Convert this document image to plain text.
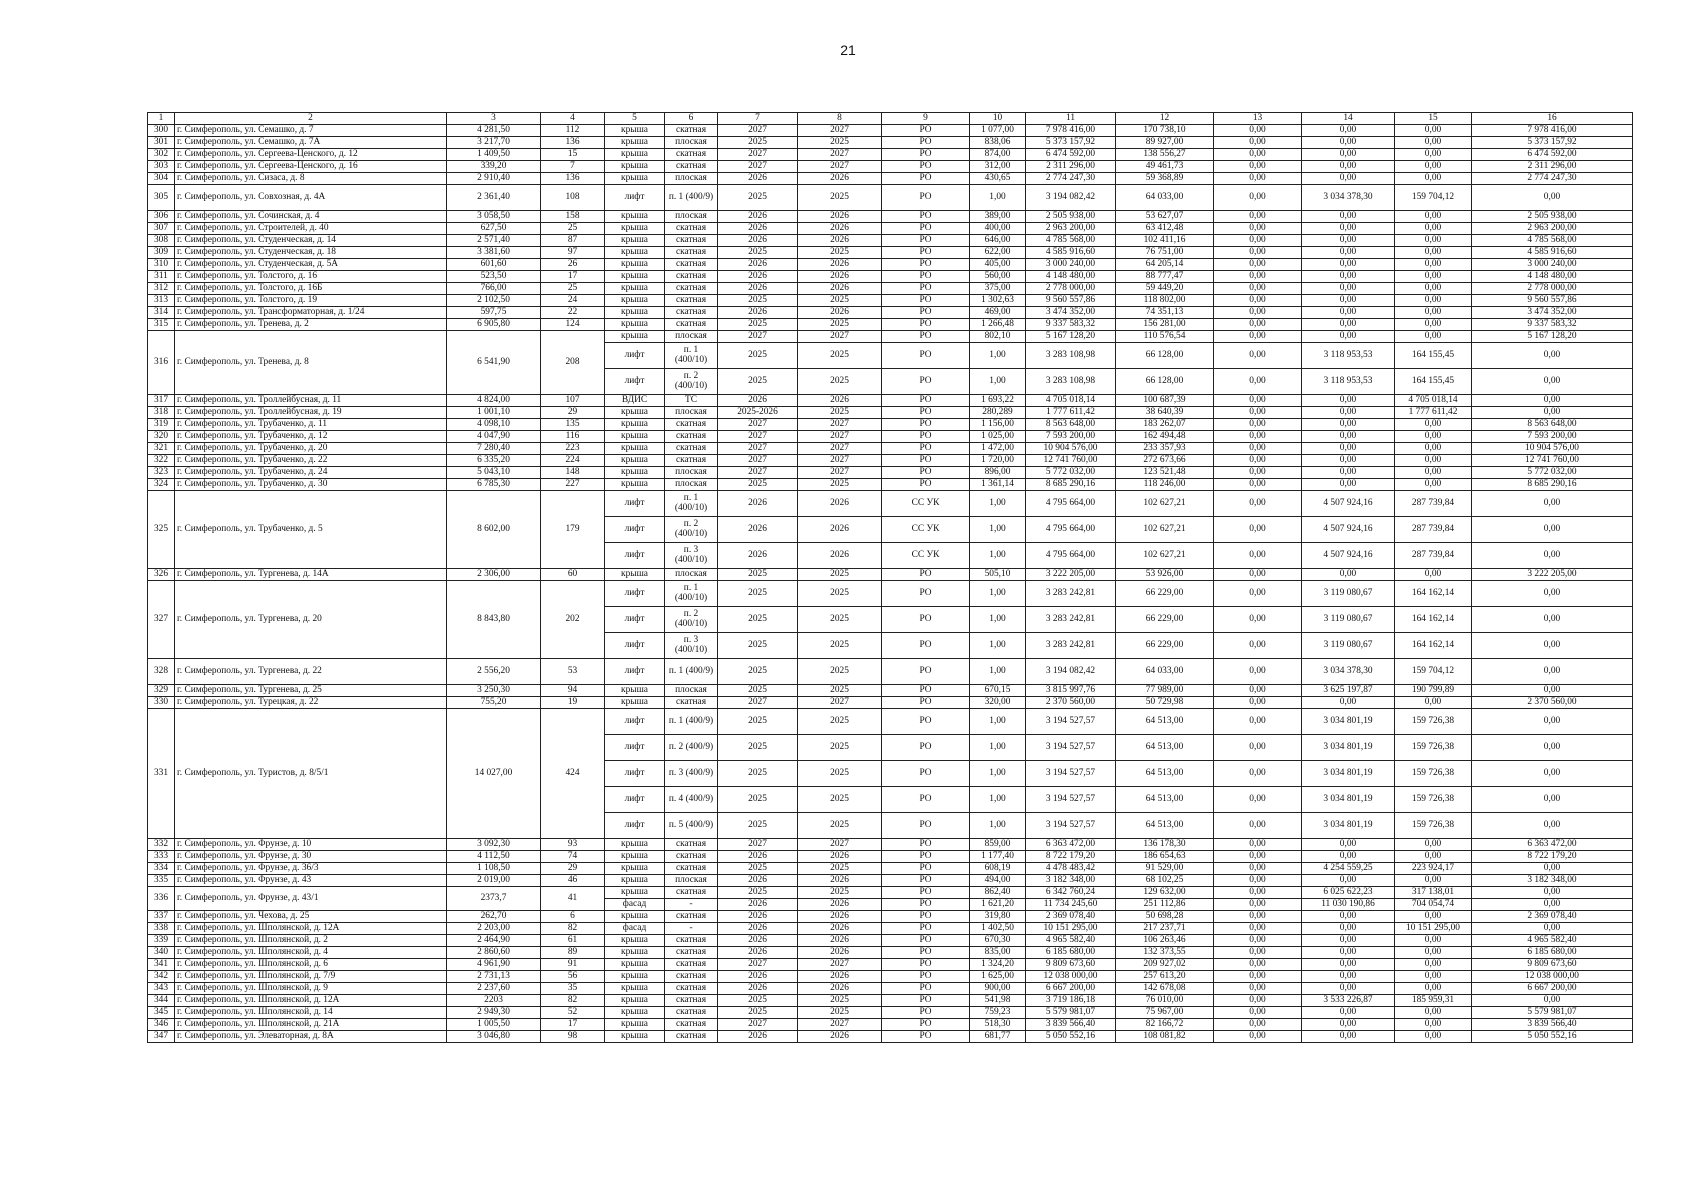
21
1	2	3	4	5	6	7	8	9	10	11	12	13	14	15	16
300	г. Симферополь, ул. Семашко, д. 7	4 281,50	112	крыша	скатная	2027	2027	РО	1 077,00	7 978 416,00	170 738,10	0,00	0,00	0,00	7 978 416,00
301	г. Симферополь, ул. Семашко, д. 7А	3 217,70	136	крыша	плоская	2025	2025	РО	838,06	5 373 157,92	89 927,00	0,00	0,00	0,00	5 373 157,92
302	г. Симферополь, ул. Сергеева-Ценского, д. 12	1 409,50	15	крыша	скатная	2027	2027	РО	874,00	6 474 592,00	138 556,27	0,00	0,00	0,00	6 474 592,00
303	г. Симферополь, ул. Сергеева-Ценского, д. 16	339,20	7	крыша	скатная	2027	2027	РО	312,00	2 311 296,00	49 461,73	0,00	0,00	0,00	2 311 296,00
304	г. Симферополь, ул. Сизаса, д. 8	2 910,40	136	крыша	плоская	2026	2026	РО	430,65	2 774 247,30	59 368,89	0,00	0,00	0,00	2 774 247,30
305	г. Симферополь, ул. Совхозная, д. 4А	2 361,40	108	лифт	п. 1 (400/9)	2025	2025	РО	1,00	3 194 082,42	64 033,00	0,00	3 034 378,30	159 704,12	0,00
306	г. Симферополь, ул. Сочинская, д. 4	3 058,50	158	крыша	плоская	2026	2026	РО	389,00	2 505 938,00	53 627,07	0,00	0,00	0,00	2 505 938,00
307	г. Симферополь, ул. Строителей, д. 40	627,50	25	крыша	скатная	2026	2026	РО	400,00	2 963 200,00	63 412,48	0,00	0,00	0,00	2 963 200,00
308	г. Симферополь, ул. Студенческая, д. 14	2 571,40	87	крыша	скатная	2026	2026	РО	646,00	4 785 568,00	102 411,16	0,00	0,00	0,00	4 785 568,00
309	г. Симферополь, ул. Студенческая, д. 18	3 381,60	97	крыша	скатная	2025	2025	РО	622,00	4 585 916,60	76 751,00	0,00	0,00	0,00	4 585 916,60
310	г. Симферополь, ул. Студенческая, д. 5А	601,60	26	крыша	скатная	2026	2026	РО	405,00	3 000 240,00	64 205,14	0,00	0,00	0,00	3 000 240,00
311	г. Симферополь, ул. Толстого, д. 16	523,50	17	крыша	скатная	2026	2026	РО	560,00	4 148 480,00	88 777,47	0,00	0,00	0,00	4 148 480,00
312	г. Симферополь, ул. Толстого, д. 16Б	766,00	25	крыша	скатная	2026	2026	РО	375,00	2 778 000,00	59 449,20	0,00	0,00	0,00	2 778 000,00
313	г. Симферополь, ул. Толстого, д. 19	2 102,50	24	крыша	скатная	2025	2025	РО	1 302,63	9 560 557,86	118 802,00	0,00	0,00	0,00	9 560 557,86
314	г. Симферополь, ул. Трансформаторная, д. 1/24	597,75	22	крыша	скатная	2026	2026	РО	469,00	3 474 352,00	74 351,13	0,00	0,00	0,00	3 474 352,00
315	г. Симферополь, ул. Тренева, д. 2	6 905,80	124	крыша	скатная	2025	2025	РО	1 266,48	9 337 583,32	156 281,00	0,00	0,00	0,00	9 337 583,32
316	г. Симферополь, ул. Тренева, д. 8	6 541,90	208	крыша	плоская	2027	2027	РО	802,10	5 167 128,20	110 576,54	0,00	0,00	0,00	5 167 128,20
				лифт	п. 1 (400/10)	2025	2025	РО	1,00	3 283 108,98	66 128,00	0,00	3 118 953,53	164 155,45	0,00
				лифт	п. 2 (400/10)	2025	2025	РО	1,00	3 283 108,98	66 128,00	0,00	3 118 953,53	164 155,45	0,00
317	г. Симферополь, ул. Троллейбусная, д. 11	4 824,00	107	ВДИС	ТС	2026	2026	РО	1 693,22	4 705 018,14	100 687,39	0,00	0,00	4 705 018,14	0,00
318	г. Симферополь, ул. Троллейбусная, д. 19	1 001,10	29	крыша	плоская	2025-2026	2025	РО	280,289	1 777 611,42	38 640,39	0,00	0,00	1 777 611,42	0,00
319	г. Симферополь, ул. Трубаченко, д. 11	4 098,10	135	крыша	скатная	2027	2027	РО	1 156,00	8 563 648,00	183 262,07	0,00	0,00	0,00	8 563 648,00
320	г. Симферополь, ул. Трубаченко, д. 12	4 047,90	116	крыша	скатная	2027	2027	РО	1 025,00	7 593 200,00	162 494,48	0,00	0,00	0,00	7 593 200,00
321	г. Симферополь, ул. Трубаченко, д. 20	7 280,40	223	крыша	скатная	2027	2027	РО	1 472,00	10 904 576,00	233 357,93	0,00	0,00	0,00	10 904 576,00
322	г. Симферополь, ул. Трубаченко, д. 22	6 335,20	224	крыша	скатная	2027	2027	РО	1 720,00	12 741 760,00	272 673,66	0,00	0,00	0,00	12 741 760,00
323	г. Симферополь, ул. Трубаченко, д. 24	5 043,10	148	крыша	плоская	2027	2027	РО	896,00	5 772 032,00	123 521,48	0,00	0,00	0,00	5 772 032,00
324	г. Симферополь, ул. Трубаченко, д. 30	6 785,30	227	крыша	плоская	2025	2025	РО	1 361,14	8 685 290,16	118 246,00	0,00	0,00	0,00	8 685 290,16
325	г. Симферополь, ул. Трубаченко, д. 5	8 602,00	179	лифт	п. 1 (400/10)	2026	2026	СС УК	1,00	4 795 664,00	102 627,21	0,00	4 507 924,16	287 739,84	0,00
				лифт	п. 2 (400/10)	2026	2026	СС УК	1,00	4 795 664,00	102 627,21	0,00	4 507 924,16	287 739,84	0,00
				лифт	п. 3 (400/10)	2026	2026	СС УК	1,00	4 795 664,00	102 627,21	0,00	4 507 924,16	287 739,84	0,00
326	г. Симферополь, ул. Тургенева, д. 14А	2 306,00	60	крыша	плоская	2025	2025	РО	505,10	3 222 205,00	53 926,00	0,00	0,00	0,00	3 222 205,00
327	г. Симферополь, ул. Тургенева, д. 20	8 843,80	202	лифт	п. 1 (400/10)	2025	2025	РО	1,00	3 283 242,81	66 229,00	0,00	3 119 080,67	164 162,14	0,00
				лифт	п. 2 (400/10)	2025	2025	РО	1,00	3 283 242,81	66 229,00	0,00	3 119 080,67	164 162,14	0,00
				лифт	п. 3 (400/10)	2025	2025	РО	1,00	3 283 242,81	66 229,00	0,00	3 119 080,67	164 162,14	0,00
328	г. Симферополь, ул. Тургенева, д. 22	2 556,20	53	лифт	п. 1 (400/9)	2025	2025	РО	1,00	3 194 082,42	64 033,00	0,00	3 034 378,30	159 704,12	0,00
329	г. Симферополь, ул. Тургенева, д. 25	3 250,30	94	крыша	плоская	2025	2025	РО	670,15	3 815 997,76	77 989,00	0,00	3 625 197,87	190 799,89	0,00
330	г. Симферополь, ул. Турецкая, д. 22	755,20	19	крыша	скатная	2027	2027	РО	320,00	2 370 560,00	50 729,98	0,00	0,00	0,00	2 370 560,00
331	г. Симферополь, ул. Туристов, д. 8/5/1	14 027,00	424	лифт	п. 1 (400/9)	2025	2025	РО	1,00	3 194 527,57	64 513,00	0,00	3 034 801,19	159 726,38	0,00
				лифт	п. 2 (400/9)	2025	2025	РО	1,00	3 194 527,57	64 513,00	0,00	3 034 801,19	159 726,38	0,00
				лифт	п. 3 (400/9)	2025	2025	РО	1,00	3 194 527,57	64 513,00	0,00	3 034 801,19	159 726,38	0,00
				лифт	п. 4 (400/9)	2025	2025	РО	1,00	3 194 527,57	64 513,00	0,00	3 034 801,19	159 726,38	0,00
				лифт	п. 5 (400/9)	2025	2025	РО	1,00	3 194 527,57	64 513,00	0,00	3 034 801,19	159 726,38	0,00
332	г. Симферополь, ул. Фрунзе, д. 10	3 092,30	93	крыша	скатная	2027	2027	РО	859,00	6 363 472,00	136 178,30	0,00	0,00	0,00	6 363 472,00
333	г. Симферополь, ул. Фрунзе, д. 30	4 112,50	74	крыша	скатная	2026	2026	РО	1 177,40	8 722 179,20	186 654,63	0,00	0,00	0,00	8 722 179,20
334	г. Симферополь, ул. Фрунзе, д. 36/3	1 108,50	29	крыша	скатная	2025	2025	РО	608,19	4 478 483,42	91 529,00	0,00	4 254 559,25	223 924,17	0,00
335	г. Симферополь, ул. Фрунзе, д. 43	2 019,00	46	крыша	плоская	2026	2026	РО	494,00	3 182 348,00	68 102,25	0,00	0,00	0,00	3 182 348,00
336	г. Симферополь, ул. Фрунзе, д. 43/1	2373,7	41	крыша	скатная	2025	2025	РО	862,40	6 342 760,24	129 632,00	0,00	6 025 622,23	317 138,01	0,00
				фасад	-	2026	2026	РО	1 621,20	11 734 245,60	251 112,86	0,00	11 030 190,86	704 054,74	0,00
337	г. Симферополь, ул. Чехова, д. 25	262,70	6	крыша	скатная	2026	2026	РО	319,80	2 369 078,40	50 698,28	0,00	0,00	0,00	2 369 078,40
338	г. Симферополь, ул. Шполянской, д. 12А	2 203,00	82	фасад	-	2026	2026	РО	1 402,50	10 151 295,00	217 237,71	0,00	0,00	10 151 295,00	0,00
339	г. Симферополь, ул. Шполянской, д. 2	2 464,90	61	крыша	скатная	2026	2026	РО	670,30	4 965 582,40	106 263,46	0,00	0,00	0,00	4 965 582,40
340	г. Симферополь, ул. Шполянской, д. 4	2 860,60	89	крыша	скатная	2026	2026	РО	835,00	6 185 680,00	132 373,55	0,00	0,00	0,00	6 185 680,00
341	г. Симферополь, ул. Шполянской, д. 6	4 961,90	91	крыша	скатная	2027	2027	РО	1 324,20	9 809 673,60	209 927,02	0,00	0,00	0,00	9 809 673,60
342	г. Симферополь, ул. Шполянской, д. 7/9	2 731,13	56	крыша	скатная	2026	2026	РО	1 625,00	12 038 000,00	257 613,20	0,00	0,00	0,00	12 038 000,00
343	г. Симферополь, ул. Шполянской, д. 9	2 237,60	35	крыша	скатная	2026	2026	РО	900,00	6 667 200,00	142 678,08	0,00	0,00	0,00	6 667 200,00
344	г. Симферополь, ул. Шполянской, д. 12А	2203	82	крыша	скатная	2025	2025	РО	541,98	3 719 186,18	76 010,00	0,00	3 533 226,87	185 959,31	0,00
345	г. Симферополь, ул. Шполянской, д. 14	2 949,30	52	крыша	скатная	2025	2025	РО	759,23	5 579 981,07	75 967,00	0,00	0,00	0,00	5 579 981,07
346	г. Симферополь, ул. Шполянской, д. 21А	1 005,50	17	крыша	скатная	2027	2027	РО	518,30	3 839 566,40	82 166,72	0,00	0,00	0,00	3 839 566,40
347	г. Симферополь, ул. Элеваторная, д. 8А	3 046,80	98	крыша	скатная	2026	2026	РО	681,77	5 050 552,16	108 081,82	0,00	0,00	0,00	5 050 552,16
